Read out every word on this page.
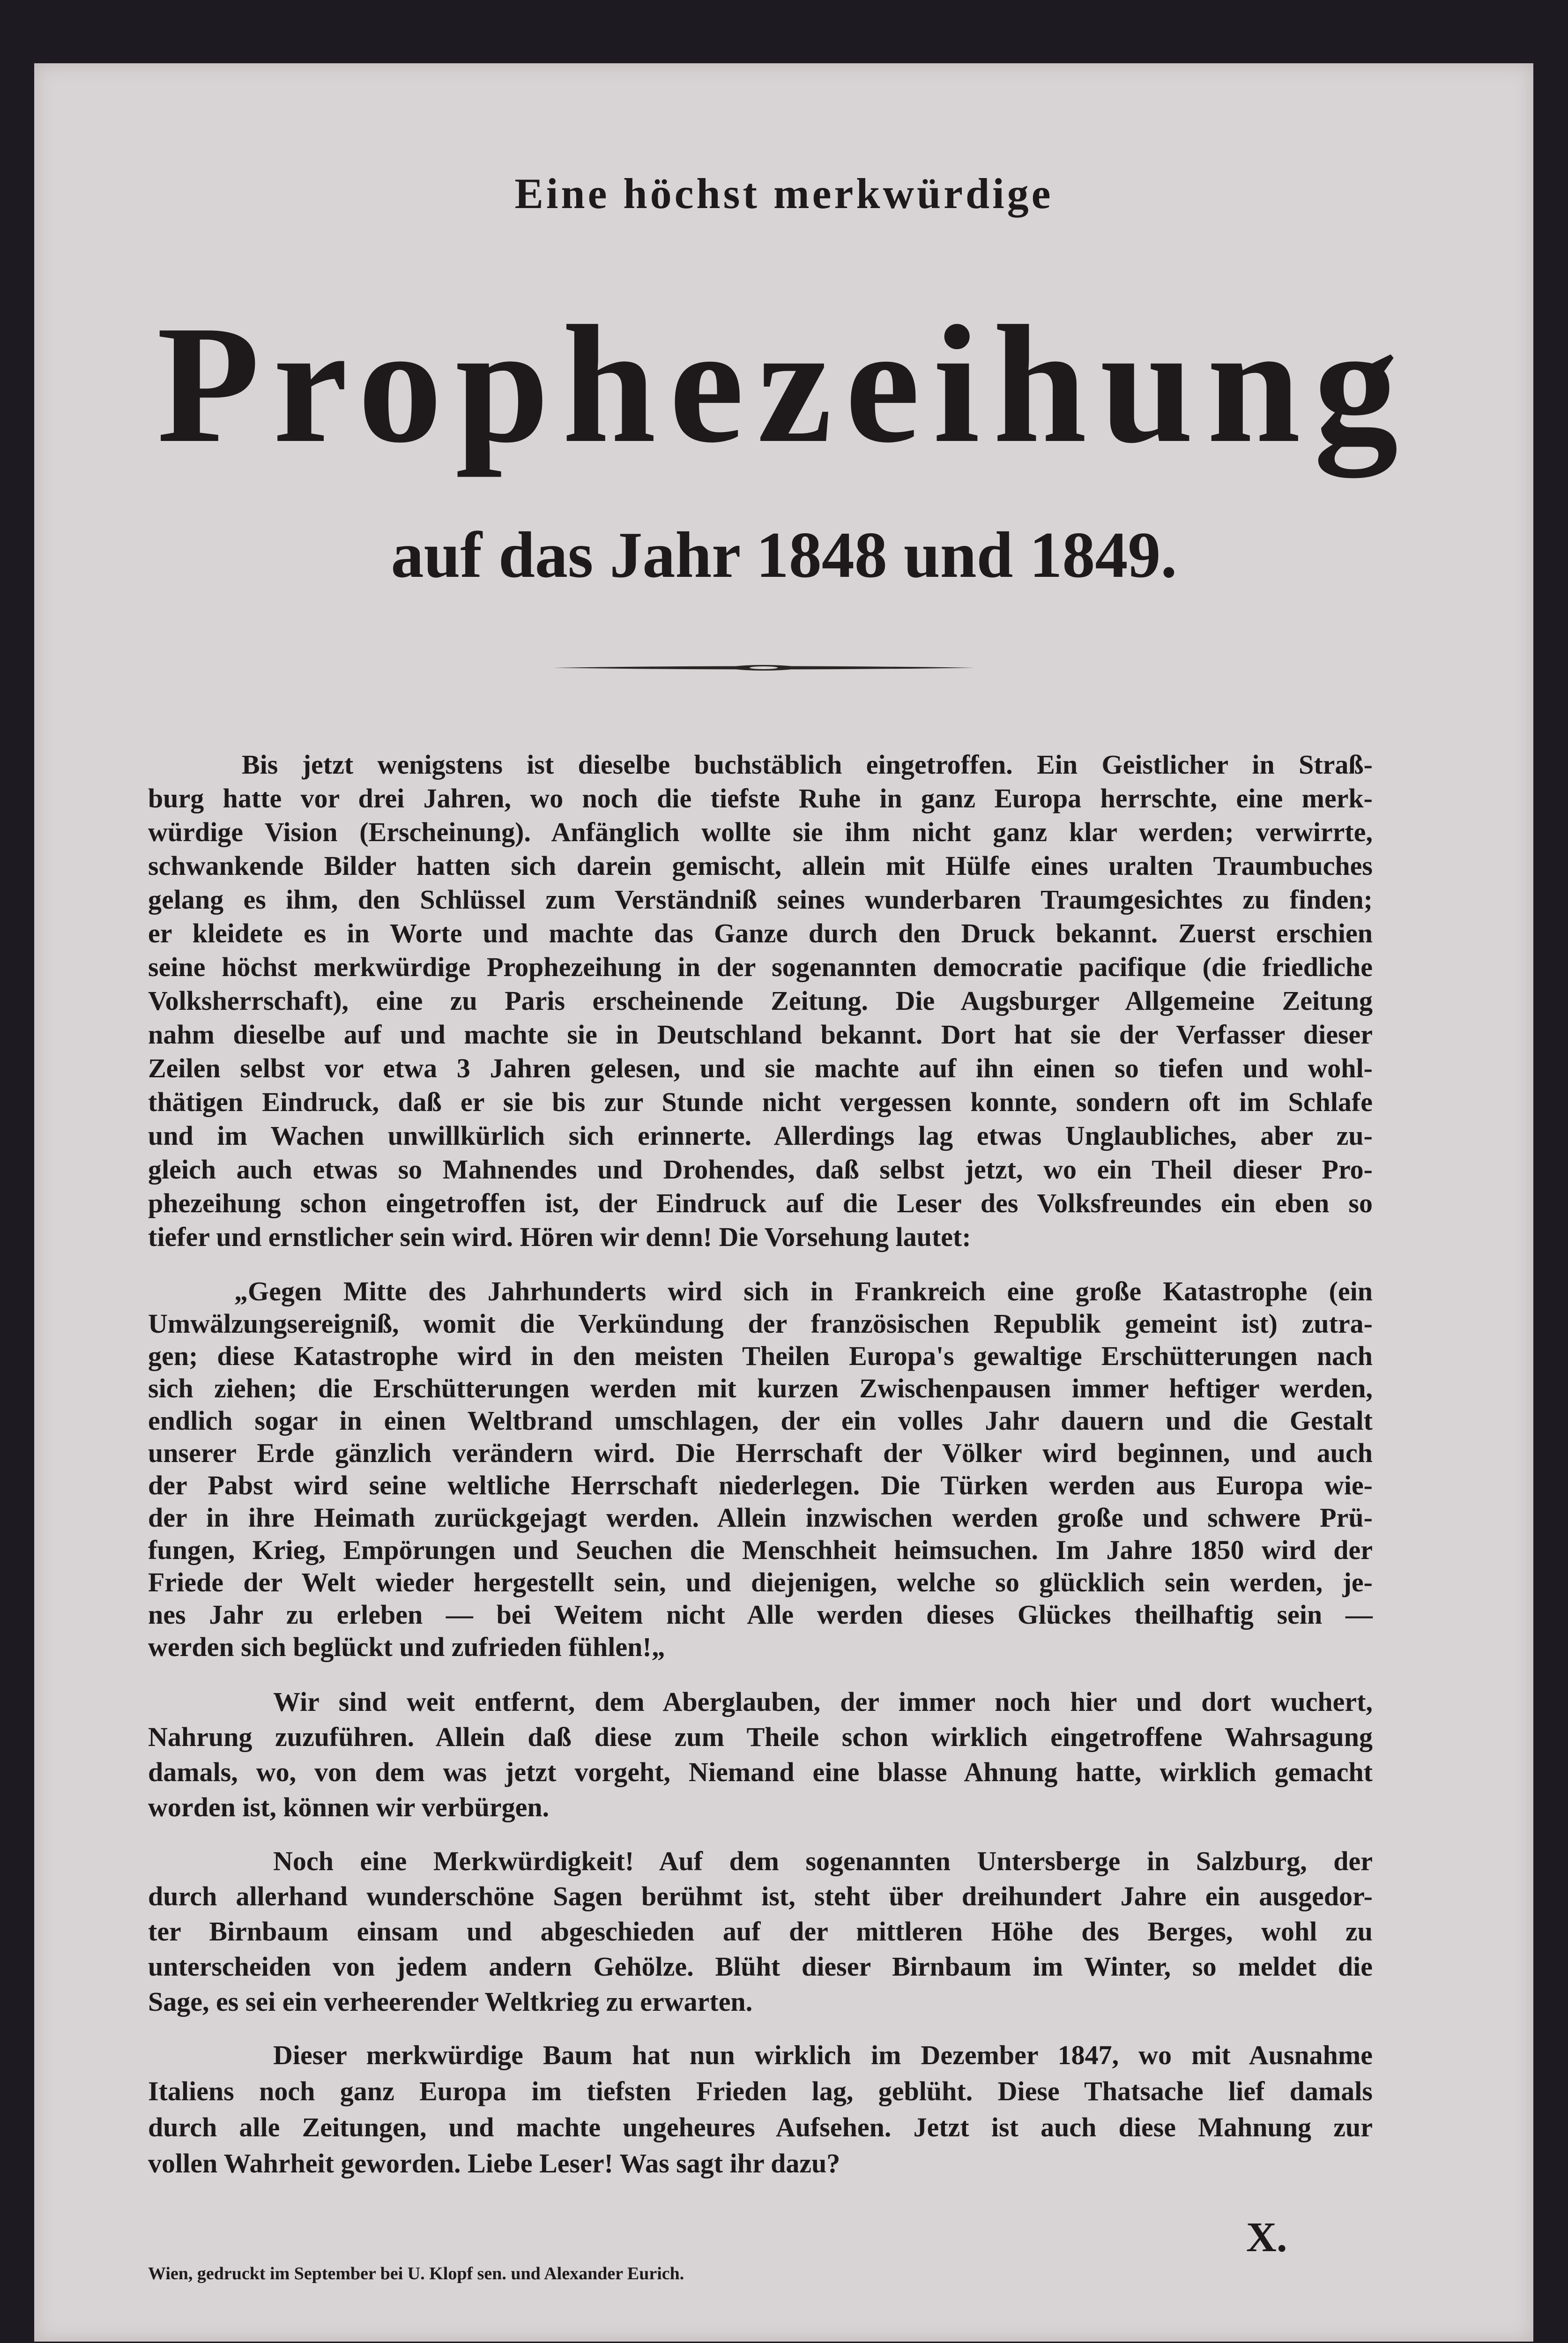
Eine höchst merkwürdige
Prophezeihung
auf das Jahr 1848 und 1849.
Bis jetzt wenigstens ist dieselbe buchstäblich eingetroffen. Ein Geistlicher in Straß-
burg hatte vor drei Jahren, wo noch die tiefste Ruhe in ganz Europa herrschte, eine merk-
würdige Vision (Erscheinung). Anfänglich wollte sie ihm nicht ganz klar werden; verwirrte,
schwankende Bilder hatten sich darein gemischt, allein mit Hülfe eines uralten Traumbuches
gelang es ihm, den Schlüssel zum Verständniß seines wunderbaren Traumgesichtes zu finden;
er kleidete es in Worte und machte das Ganze durch den Druck bekannt. Zuerst erschien
seine höchst merkwürdige Prophezeihung in der sogenannten democratie pacifique (die friedliche
Volksherrschaft), eine zu Paris erscheinende Zeitung. Die Augsburger Allgemeine Zeitung
nahm dieselbe auf und machte sie in Deutschland bekannt. Dort hat sie der Verfasser dieser
Zeilen selbst vor etwa 3 Jahren gelesen, und sie machte auf ihn einen so tiefen und wohl-
thätigen Eindruck, daß er sie bis zur Stunde nicht vergessen konnte, sondern oft im Schlafe
und im Wachen unwillkürlich sich erinnerte. Allerdings lag etwas Unglaubliches, aber zu-
gleich auch etwas so Mahnendes und Drohendes, daß selbst jetzt, wo ein Theil dieser Pro-
phezeihung schon eingetroffen ist, der Eindruck auf die Leser des Volksfreundes ein eben so
tiefer und ernstlicher sein wird. Hören wir denn! Die Vorsehung lautet:
„Gegen Mitte des Jahrhunderts wird sich in Frankreich eine große Katastrophe (ein
Umwälzungsereigniß, womit die Verkündung der französischen Republik gemeint ist) zutra-
gen; diese Katastrophe wird in den meisten Theilen Europa's gewaltige Erschütterungen nach
sich ziehen; die Erschütterungen werden mit kurzen Zwischenpausen immer heftiger werden,
endlich sogar in einen Weltbrand umschlagen, der ein volles Jahr dauern und die Gestalt
unserer Erde gänzlich verändern wird. Die Herrschaft der Völker wird beginnen, und auch
der Pabst wird seine weltliche Herrschaft niederlegen. Die Türken werden aus Europa wie-
der in ihre Heimath zurückgejagt werden. Allein inzwischen werden große und schwere Prü-
fungen, Krieg, Empörungen und Seuchen die Menschheit heimsuchen. Im Jahre 1850 wird der
Friede der Welt wieder hergestellt sein, und diejenigen, welche so glücklich sein werden, je-
nes Jahr zu erleben — bei Weitem nicht Alle werden dieses Glückes theilhaftig sein —
werden sich beglückt und zufrieden fühlen!„
Wir sind weit entfernt, dem Aberglauben, der immer noch hier und dort wuchert,
Nahrung zuzuführen. Allein daß diese zum Theile schon wirklich eingetroffene Wahrsagung
damals, wo, von dem was jetzt vorgeht, Niemand eine blasse Ahnung hatte, wirklich gemacht
worden ist, können wir verbürgen.
Noch eine Merkwürdigkeit! Auf dem sogenannten Untersberge in Salzburg, der
durch allerhand wunderschöne Sagen berühmt ist, steht über dreihundert Jahre ein ausgedor-
ter Birnbaum einsam und abgeschieden auf der mittleren Höhe des Berges, wohl zu
unterscheiden von jedem andern Gehölze. Blüht dieser Birnbaum im Winter, so meldet die
Sage, es sei ein verheerender Weltkrieg zu erwarten.
Dieser merkwürdige Baum hat nun wirklich im Dezember 1847, wo mit Ausnahme
Italiens noch ganz Europa im tiefsten Frieden lag, geblüht. Diese Thatsache lief damals
durch alle Zeitungen, und machte ungeheures Aufsehen. Jetzt ist auch diese Mahnung zur
vollen Wahrheit geworden. Liebe Leser! Was sagt ihr dazu?
X.
Wien, gedruckt im September bei U. Klopf sen. und Alexander Eurich.
